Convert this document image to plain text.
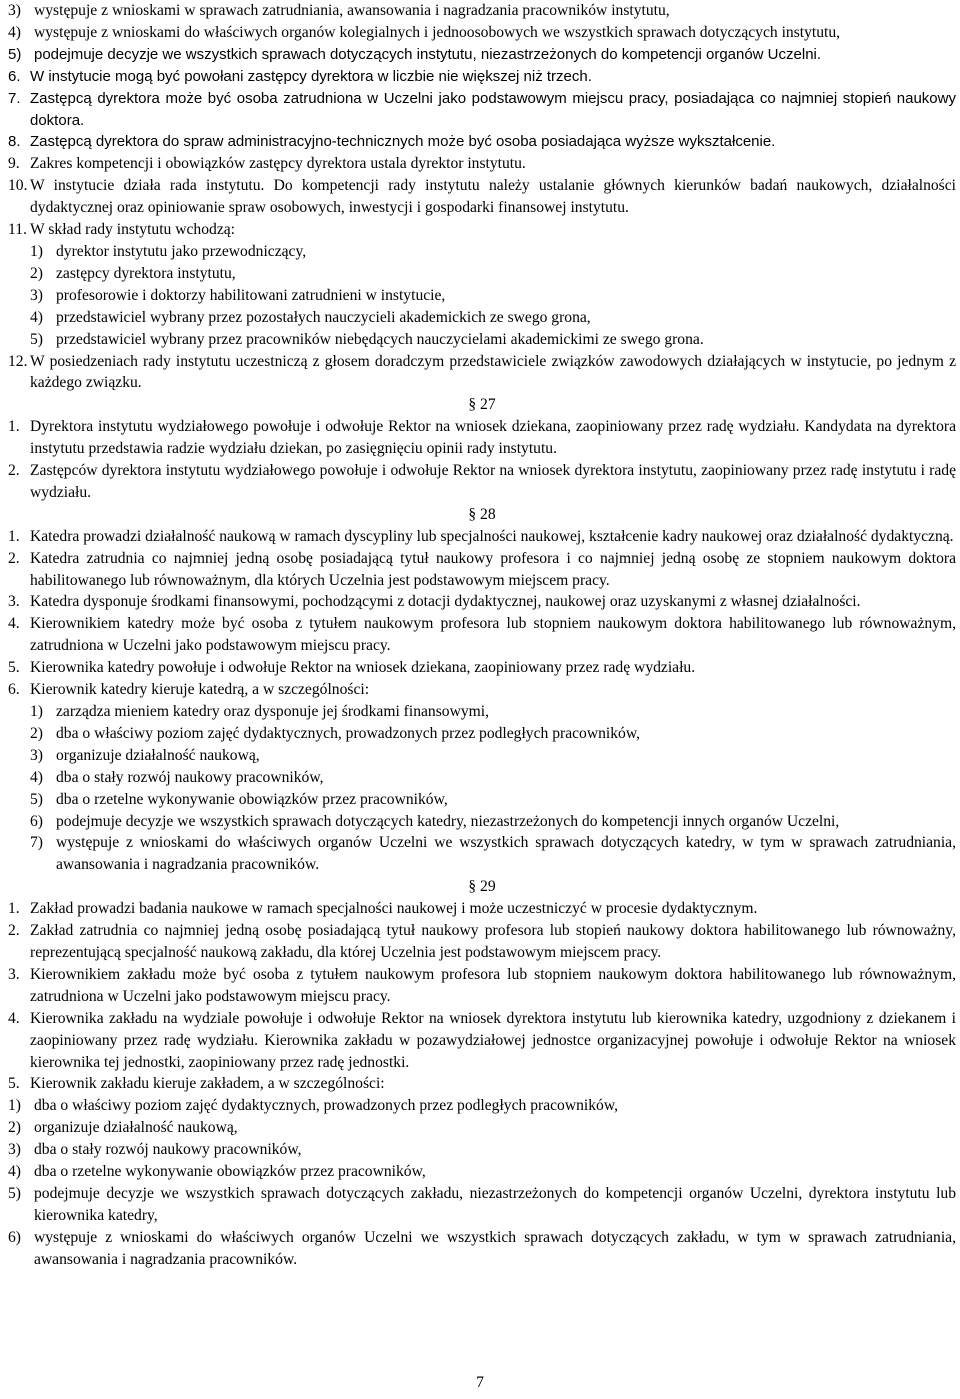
3) występuje z wnioskami w sprawach zatrudniania, awansowania i nagradzania pracowników instytutu,
4) występuje z wnioskami do właściwych organów kolegialnych i jednoosobowych we wszystkich sprawach dotyczących instytutu,
5) podejmuje decyzje we wszystkich sprawach dotyczących instytutu, niezastrzeżonych do kompetencji organów Uczelni.
6. W instytucie mogą być powołani zastępcy dyrektora w liczbie nie większej niż trzech.
7. Zastępcą dyrektora może być osoba zatrudniona w Uczelni jako podstawowym miejscu pracy, posiadająca co najmniej stopień naukowy doktora.
8. Zastępcą dyrektora do spraw administracyjno-technicznych może być osoba posiadająca wyższe wykształcenie.
9. Zakres kompetencji i obowiązków zastępcy dyrektora ustala dyrektor instytutu.
10. W instytucie działa rada instytutu. Do kompetencji rady instytutu należy ustalanie głównych kierunków badań naukowych, działalności dydaktycznej oraz opiniowanie spraw osobowych, inwestycji i gospodarki finansowej instytutu.
11. W skład rady instytutu wchodzą:
1) dyrektor instytutu jako przewodniczący,
2) zastępcy dyrektora instytutu,
3) profesorowie i doktorzy habilitowani zatrudnieni w instytucie,
4) przedstawiciel wybrany przez pozostałych nauczycieli akademickich ze swego grona,
5) przedstawiciel wybrany przez pracowników niebędących nauczycielami akademickimi ze swego grona.
12. W posiedzeniach rady instytutu uczestniczą z głosem doradczym przedstawiciele związków zawodowych działających w instytucie, po jednym z każdego związku.
§ 27
1. Dyrektora instytutu wydziałowego powołuje i odwołuje Rektor na wniosek dziekana, zaopiniowany przez radę wydziału. Kandydata na dyrektora instytutu przedstawia radzie wydziału dziekan, po zasięgnięciu opinii rady instytutu.
2. Zastępców dyrektora instytutu wydziałowego powołuje i odwołuje Rektor na wniosek dyrektora instytutu, zaopiniowany przez radę instytutu i radę wydziału.
§ 28
1. Katedra prowadzi działalność naukową w ramach dyscypliny lub specjalności naukowej, kształcenie kadry naukowej oraz działalność dydaktyczną.
2. Katedra zatrudnia co najmniej jedną osobę posiadającą tytuł naukowy profesora i co najmniej jedną osobę ze stopniem naukowym doktora habilitowanego lub równoważnym, dla których Uczelnia jest podstawowym miejscem pracy.
3. Katedra dysponuje środkami finansowymi, pochodzącymi z dotacji dydaktycznej, naukowej oraz uzyskanymi z własnej działalności.
4. Kierownikiem katedry może być osoba z tytułem naukowym profesora lub stopniem naukowym doktora habilitowanego lub równoważnym, zatrudniona w Uczelni jako podstawowym miejscu pracy.
5. Kierownika katedry powołuje i odwołuje Rektor na wniosek dziekana, zaopiniowany przez radę wydziału.
6. Kierownik katedry kieruje katedrą, a w szczególności:
1) zarządza mieniem katedry oraz dysponuje jej środkami finansowymi,
2) dba o właściwy poziom zajęć dydaktycznych, prowadzonych przez podległych pracowników,
3) organizuje działalność naukową,
4) dba o stały rozwój naukowy pracowników,
5) dba o rzetelne wykonywanie obowiązków przez pracowników,
6) podejmuje decyzje we wszystkich sprawach dotyczących katedry, niezastrzeżonych do kompetencji innych organów Uczelni,
7) występuje z wnioskami do właściwych organów Uczelni we wszystkich sprawach dotyczących katedry, w tym w sprawach zatrudniania, awansowania i nagradzania pracowników.
§ 29
1. Zakład prowadzi badania naukowe w ramach specjalności naukowej i może uczestniczyć w procesie dydaktycznym.
2. Zakład zatrudnia co najmniej jedną osobę posiadającą tytuł naukowy profesora lub stopień naukowy doktora habilitowanego lub równoważny, reprezentującą specjalność naukową zakładu, dla której Uczelnia jest podstawowym miejscem pracy.
3. Kierownikiem zakładu może być osoba z tytułem naukowym profesora lub stopniem naukowym doktora habilitowanego lub równoważnym, zatrudniona w Uczelni jako podstawowym miejscu pracy.
4. Kierownika zakładu na wydziale powołuje i odwołuje Rektor na wniosek dyrektora instytutu lub kierownika katedry, uzgodniony z dziekanem i zaopiniowany przez radę wydziału. Kierownika zakładu w pozawydziałowej jednostce organizacyjnej powołuje i odwołuje Rektor na wniosek kierownika tej jednostki, zaopiniowany przez radę jednostki.
5. Kierownik zakładu kieruje zakładem, a w szczególności:
1) dba o właściwy poziom zajęć dydaktycznych, prowadzonych przez podległych pracowników,
2) organizuje działalność naukową,
3) dba o stały rozwój naukowy pracowników,
4) dba o rzetelne wykonywanie obowiązków przez pracowników,
5) podejmuje decyzje we wszystkich sprawach dotyczących zakładu, niezastrzeżonych do kompetencji organów Uczelni, dyrektora instytutu lub kierownika katedry,
6) występuje z wnioskami do właściwych organów Uczelni we wszystkich sprawach dotyczących zakładu, w tym w sprawach zatrudniania, awansowania i nagradzania pracowników.
7
